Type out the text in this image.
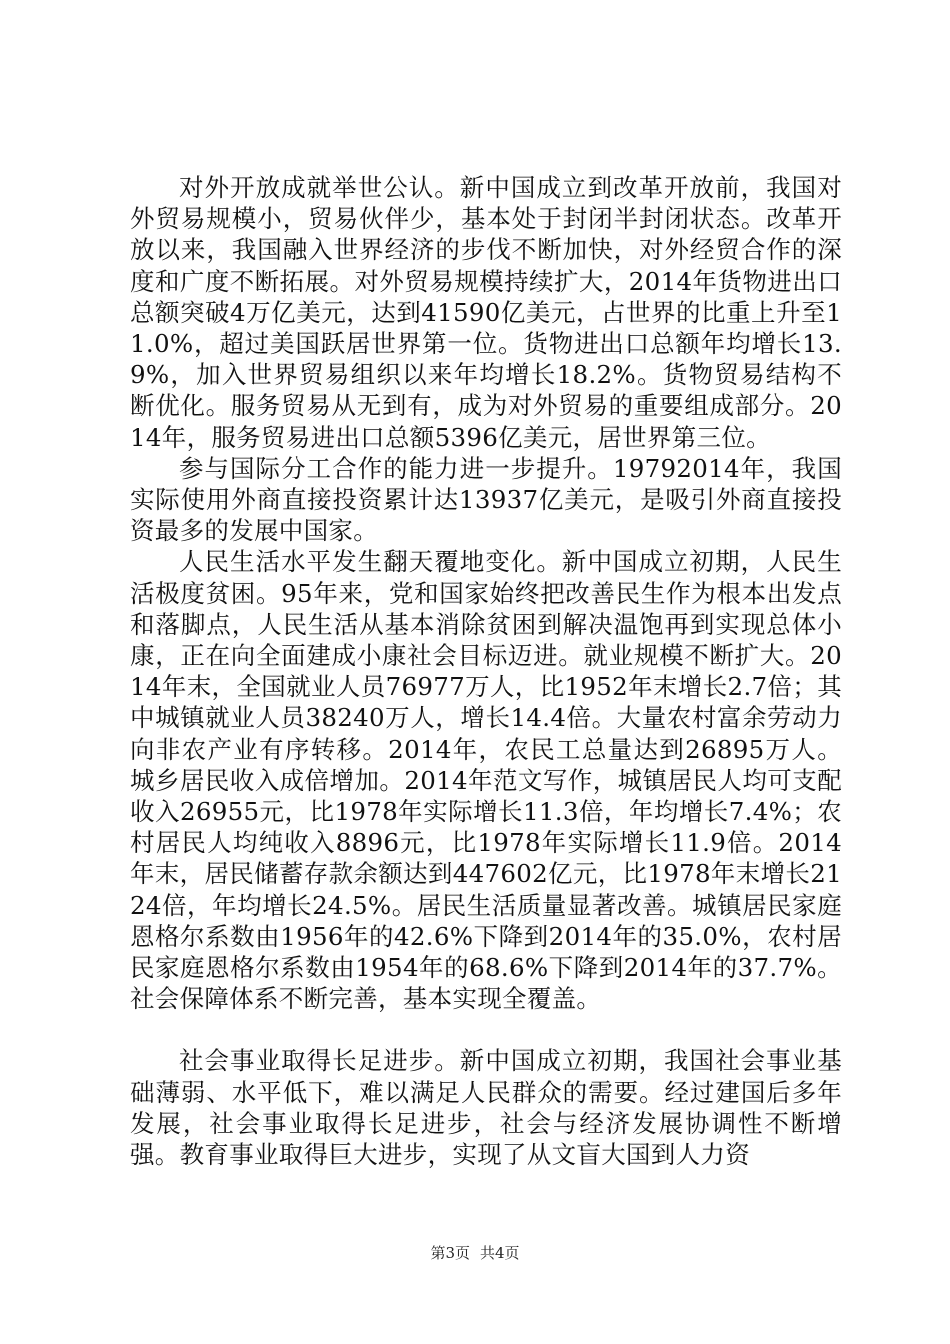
对外开放成就举世公认。新中国成立到改革开放前，我国对外贸易规模小，贸易伙伴少，基本处于封闭半封闭状态。改革开放以来，我国融入世界经济的步伐不断加快，对外经贸合作的深度和广度不断拓展。对外贸易规模持续扩大，2014年货物进出口总额突破4万亿美元，达到41590亿美元，占世界的比重上升至11.0%，超过美国跃居世界第一位。货物进出口总额年均增长13.9%，加入世界贸易组织以来年均增长18.2%。货物贸易结构不断优化。服务贸易从无到有，成为对外贸易的重要组成部分。2014年，服务贸易进出口总额5396亿美元，居世界第三位。

参与国际分工合作的能力进一步提升。19792014年，我国实际使用外商直接投资累计达13937亿美元，是吸引外商直接投资最多的发展中国家。

人民生活水平发生翻天覆地变化。新中国成立初期，人民生活极度贫困。95年来，党和国家始终把改善民生作为根本出发点和落脚点，人民生活从基本消除贫困到解决温饱再到实现总体小康，正在向全面建成小康社会目标迈进。就业规模不断扩大。2014年末，全国就业人员76977万人，比1952年末增长2.7倍；其中城镇就业人员38240万人，增长14.4倍。大量农村富余劳动力向非农产业有序转移。2014年，农民工总量达到26895万人。城乡居民收入成倍增加。2014年范文写作，城镇居民人均可支配收入26955元，比1978年实际增长11.3倍，年均增长7.4%；农村居民人均纯收入8896元，比1978年实际增长11.9倍。2014年末，居民储蓄存款余额达到447602亿元，比1978年末增长2124倍，年均增长24.5%。居民生活质量显著改善。城镇居民家庭恩格尔系数由1956年的42.6%下降到2014年的35.0%，农村居民家庭恩格尔系数由1954年的68.6%下降到2014年的37.7%。社会保障体系不断完善，基本实现全覆盖。

社会事业取得长足进步。新中国成立初期，我国社会事业基础薄弱、水平低下，难以满足人民群众的需要。经过建国后多年发展，社会事业取得长足进步，社会与经济发展协调性不断增强。教育事业取得巨大进步，实现了从文盲大国到人力资

第3页 共4页
